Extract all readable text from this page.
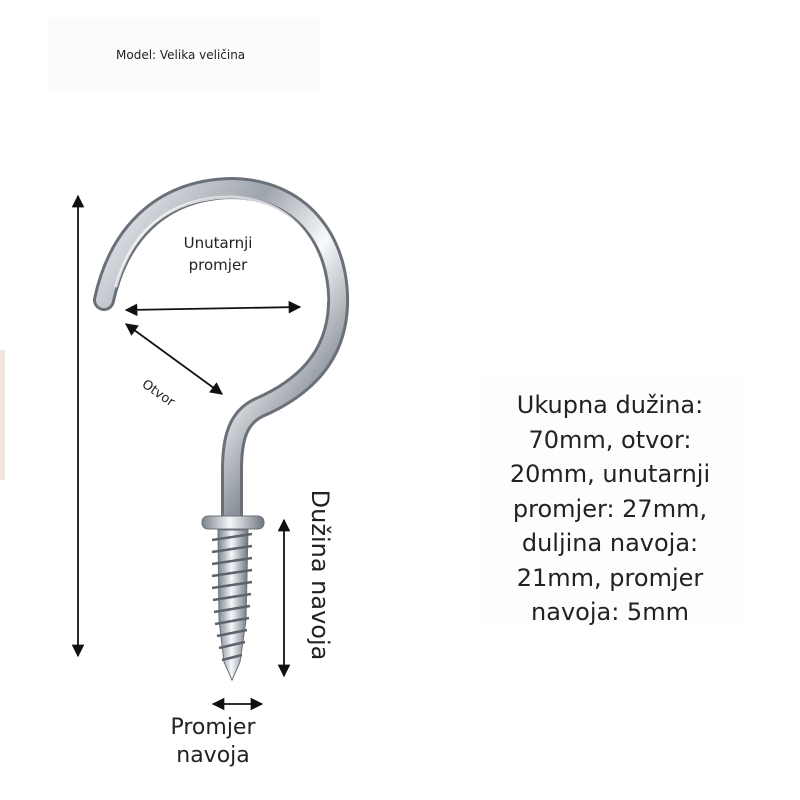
Model: Velika veličina
Unutarnji
promjer
Otvor
Dužina navoja
Promjer
navoja
Ukupna dužina:
70mm, otvor:
20mm, unutarnji
promjer: 27mm,
duljina navoja:
21mm, promjer
navoja: 5mm
